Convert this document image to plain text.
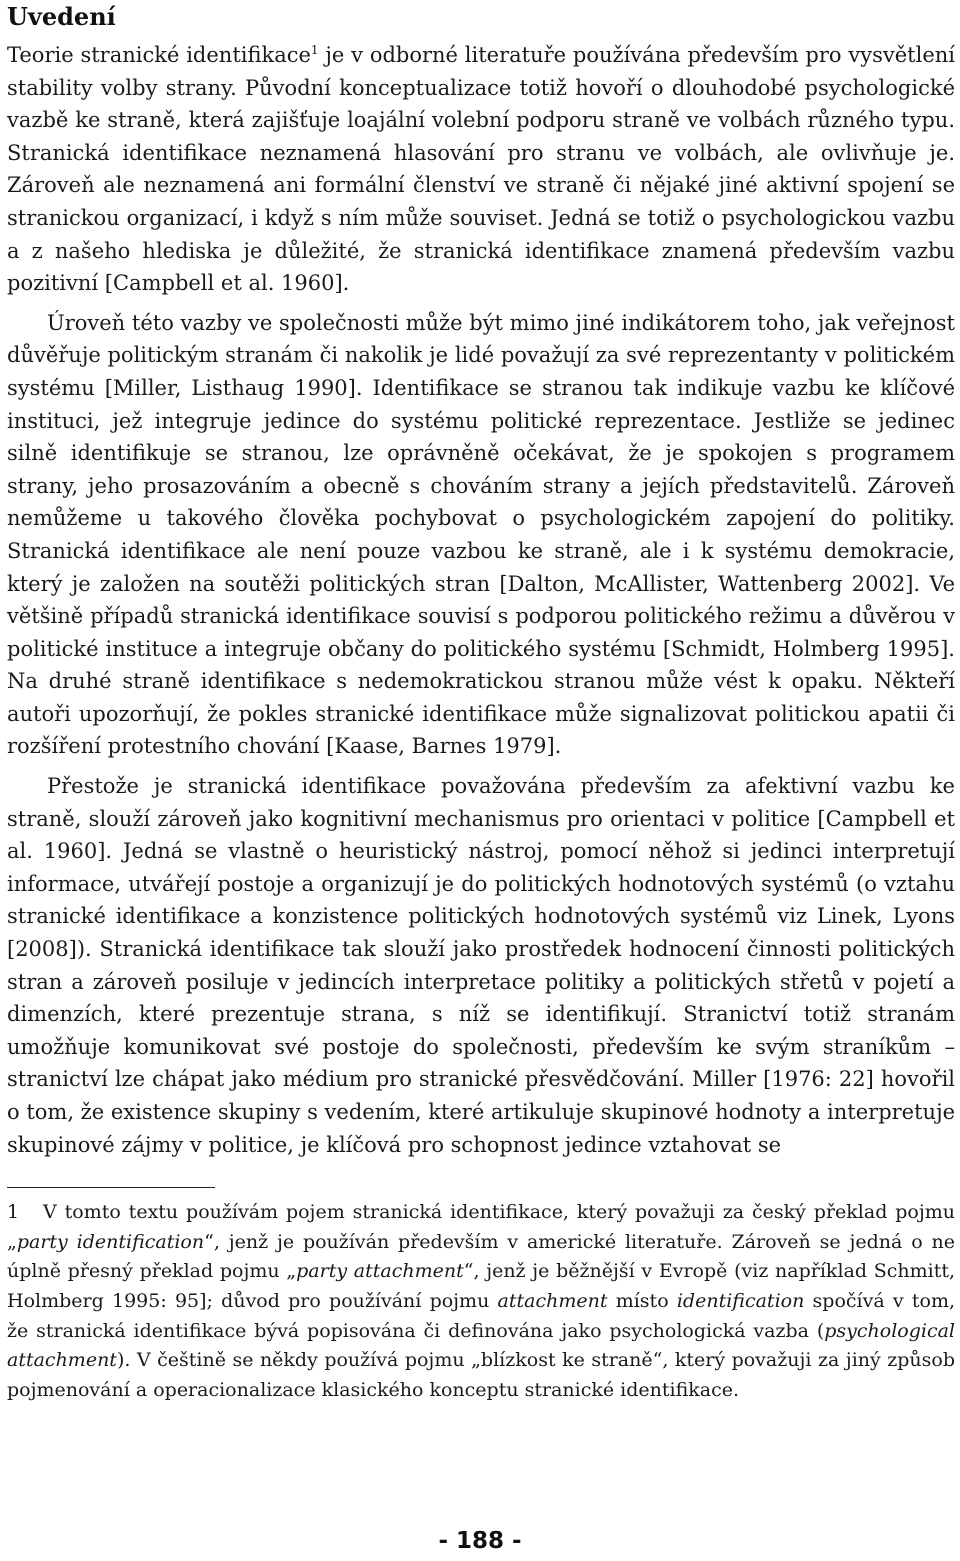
Uvedení

Teorie stranické identifikace$^1$ je v odborné literatuře používána především pro vysvětlení stability volby strany. Původní konceptualizace totiž hovoří o dlouhodobé psychologické vazbě ke straně, která zajišťuje loajální volební podporu straně ve volbách různého typu. Stranická identifikace neznamená hlasování pro stranu ve volbách, ale ovlivňuje je. Zároveň ale neznamená ani formální členství ve straně či nějaké jiné aktivní spojení se stranickou organizací, i když s ním může souviset. Jedná se totiž o psychologickou vazbu a z našeho hlediska je důležité, že stranická identifikace znamená především vazbu pozitivní [Campbell et al. 1960].

Úroveň této vazby ve společnosti může být mimo jiné indikátorem toho, jak veřejnost důvěřuje politickým stranám či nakolik je lidé považují za své reprezentanty v politickém systému [Miller, Listhaug 1990]. Identifikace se stranou tak indikuje vazbu ke klíčové instituci, jež integruje jedince do systému politické reprezentace. Jestliže se jedinec silně identifikuje se stranou, lze oprávněně očekávat, že je spokojen s programem strany, jeho prosazováním a obecně s chováním strany a jejích představitelů. Zároveň nemůžeme u takového člověka pochybovat o psychologickém zapojení do politiky. Stranická identifikace ale není pouze vazbou ke straně, ale i k systému demokracie, který je založen na soutěži politických stran [Dalton, McAllister, Wattenberg 2002]. Ve většině případů stranická identifikace souvisí s podporou politického režimu a důvěrou v politické instituce a integruje občany do politického systému [Schmidt, Holmberg 1995]. Na druhé straně identifikace s nedemokratickou stranou může vést k opaku. Někteří autoři upozorňují, že pokles stranické identifikace může signalizovat politickou apatii či rozšíření protestního chování [Kaase, Barnes 1979].

Přestože je stranická identifikace považována především za afektivní vazbu ke straně, slouží zároveň jako kognitivní mechanismus pro orientaci v politice [Campbell et al. 1960]. Jedná se vlastně o heuristický nástroj, pomocí něhož si jedinci interpretují informace, utvářejí postoje a organizují je do politických hodnotových systémů (o vztahu stranické identifikace a konzistence politických hodnotových systémů viz Linek, Lyons [2008]). Stranická identifikace tak slouží jako prostředek hodnocení činnosti politických stran a zároveň posiluje v jedincích interpretace politiky a politických střetů v pojetí a dimenzích, které prezentuje strana, s níž se identifikují. Stranictví totiž stranám umožňuje komunikovat své postoje do společnosti, především ke svým straníkům – stranictví lze chápat jako médium pro stranické přesvědčování. Miller [1976: 22] hovořil o tom, že existence skupiny s vedením, které artikuluje skupinové hodnoty a interpretuje skupinové zájmy v politice, je klíčová pro schopnost jedince vztahovat se

1 V tomto textu používám pojem stranická identifikace, který považuji za český překlad pojmu „party identification“, jenž je používán především v americké literatuře. Zároveň se jedná o ne úplně přesný překlad pojmu „party attachment“, jenž je běžnější v Evropě (viz například Schmitt, Holmberg 1995: 95]; důvod pro používání pojmu attachment místo identification spočívá v tom, že stranická identifikace bývá popisována či definována jako psychologická vazba (psychological attachment). V češtině se někdy používá pojmu „blízkost ke straně“, který považuji za jiný způsob pojmenování a operacionalizace klasického konceptu stranické identifikace.

- 188 -
